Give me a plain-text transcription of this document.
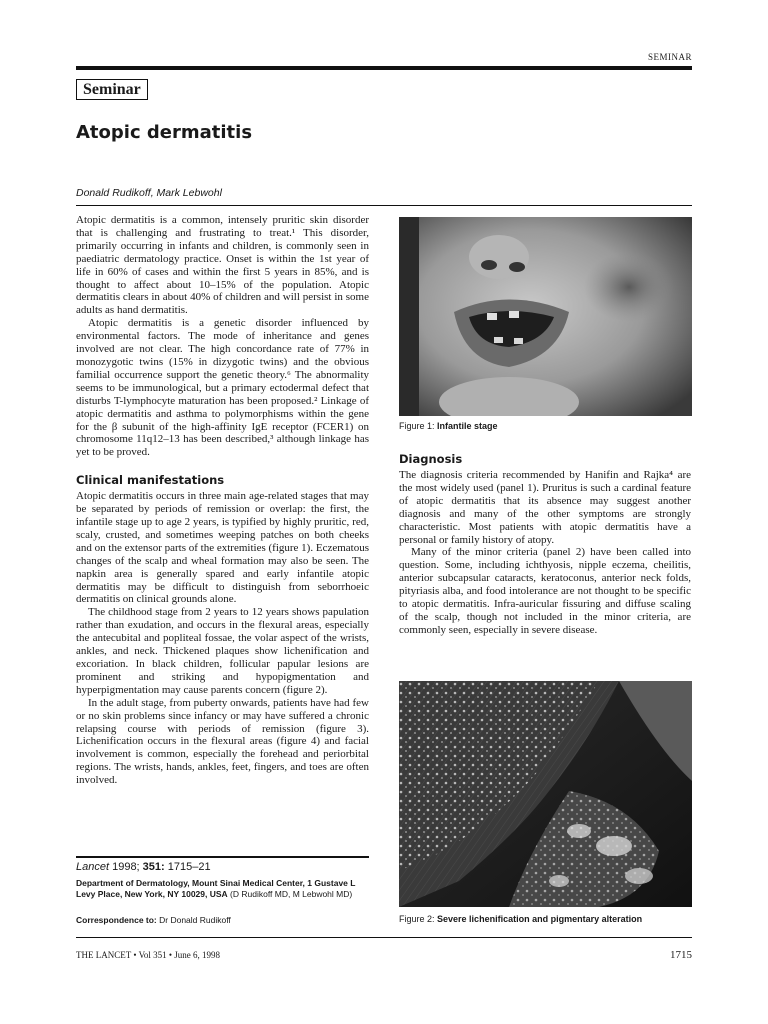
SEMINAR
Seminar
Atopic dermatitis
Donald Rudikoff, Mark Lebwohl

Atopic dermatitis is a common, intensely pruritic skin disorder that is challenging and frustrating to treat.¹ This disorder, primarily occurring in infants and children, is commonly seen in paediatric dermatology practice. Onset is within the 1st year of life in 60% of cases and within the first 5 years in 85%, and is thought to affect about 10–15% of the population. Atopic dermatitis clears in about 40% of children and will persist in some adults as hand dermatitis.

Atopic dermatitis is a genetic disorder influenced by environmental factors. The mode of inheritance and genes involved are not clear. The high concordance rate of 77% in monozygotic twins (15% in dizygotic twins) and the obvious familial occurrence support the genetic theory.⁶ The abnormality seems to be immunological, but a primary ectodermal defect that disturbs T-lymphocyte maturation has been proposed.² Linkage of atopic dermatitis and asthma to polymorphisms within the gene for the β subunit of the high-affinity IgE receptor (FCER1) on chromosome 11q12–13 has been described,³ although linkage has yet to be proved.

Clinical manifestations

Atopic dermatitis occurs in three main age-related stages that may be separated by periods of remission or overlap: the first, the infantile stage up to age 2 years, is typified by highly pruritic, red, scaly, crusted, and sometimes weeping patches on both cheeks and on the extensor parts of the extremities (figure 1). Eczematous changes of the scalp and wheal formation may also be seen. The napkin area is generally spared and early infantile atopic dermatitis may be difficult to distinguish from seborrhoeic dermatitis on clinical grounds alone.

The childhood stage from 2 years to 12 years shows papulation rather than exudation, and occurs in the flexural areas, especially the antecubital and popliteal fossae, the volar aspect of the wrists, ankles, and neck. Thickened plaques show lichenification and excoriation. In black children, follicular papular lesions are prominent and striking and hypopigmentation and hyperpigmentation may cause parents concern (figure 2).

In the adult stage, from puberty onwards, patients have had few or no skin problems since infancy or may have suffered a chronic relapsing course with periods of remission (figure 3). Lichenification occurs in the flexural areas (figure 4) and facial involvement is common, especially the forehead and periorbital regions. The wrists, hands, ankles, feet, fingers, and toes are often involved.

Figure 1: Infantile stage
Diagnosis

The diagnosis criteria recommended by Hanifin and Rajka⁴ are the most widely used (panel 1). Pruritus is such a cardinal feature of atopic dermatitis that its absence may suggest another diagnosis and many of the other symptoms are strongly characteristic. Most patients with atopic dermatitis have a personal or family history of atopy.

Many of the minor criteria (panel 2) have been called into question. Some, including ichthyosis, nipple eczema, cheilitis, anterior subcapsular cataracts, keratoconus, anterior neck folds, pityriasis alba, and food intolerance are not thought to be specific to atopic dermatitis. Infra-auricular fissuring and diffuse scaling of the scalp, though not included in the minor criteria, are commonly seen, especially in severe disease.

Figure 2: Severe lichenification and pigmentary alteration
Lancet 1998; 351: 1715–21
Department of Dermatology, Mount Sinai Medical Center, 1 Gustave L Levy Place, New York, NY 10029, USA (D Rudikoff MD, M Lebwohl MD)
Correspondence to: Dr Donald Rudikoff
THE LANCET • Vol 351 • June 6, 1998	1715
